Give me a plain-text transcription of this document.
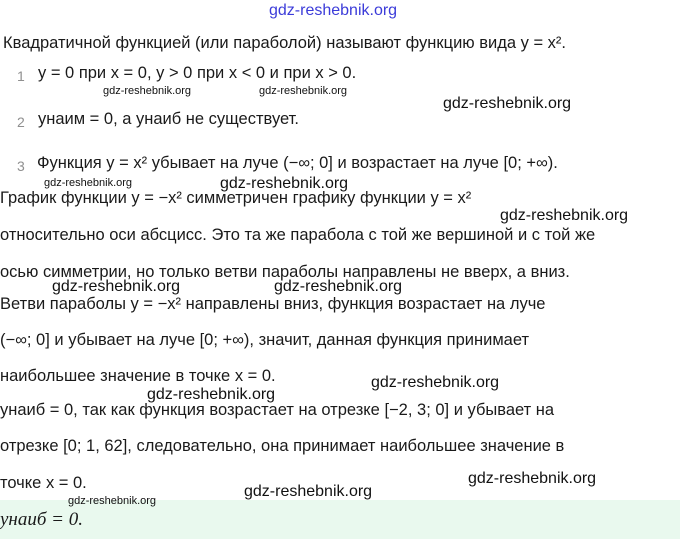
gdz-reshebnik.org
Квадратичной функцией (или параболой) называют функцию вида y = x².
1 y = 0 при x = 0, y > 0 при x < 0 и при x > 0.
gdz-reshebnik.org	gdz-reshebnik.org
gdz-reshebnik.org
2 yнаим = 0, а yнаиб не существует.
3 Функция y = x² убывает на луче (−∞; 0] и возрастает на луче [0; +∞).
gdz-reshebnik.org	gdz-reshebnik.org
График функции y = −x² симметричен графику функции y = x²
gdz-reshebnik.org
относительно оси абсцисс. Это та же парабола с той же вершиной и с той же
осью симметрии, но только ветви параболы направлены не вверх, а вниз.
gdz-reshebnik.org	gdz-reshebnik.org
Ветви параболы y = −x² направлены вниз, функция возрастает на луче
(−∞; 0] и убывает на луче [0; +∞), значит, данная функция принимает
наибольшее значение в точке x = 0.	gdz-reshebnik.org
gdz-reshebnik.org
yнаиб = 0, так как функция возрастает на отрезке [−2, 3; 0] и убывает на
отрезке [0; 1, 62], следовательно, она принимает наибольшее значение в
gdz-reshebnik.org
точке x = 0.	gdz-reshebnik.org
gdz-reshebnik.org
yнаиб = 0.
